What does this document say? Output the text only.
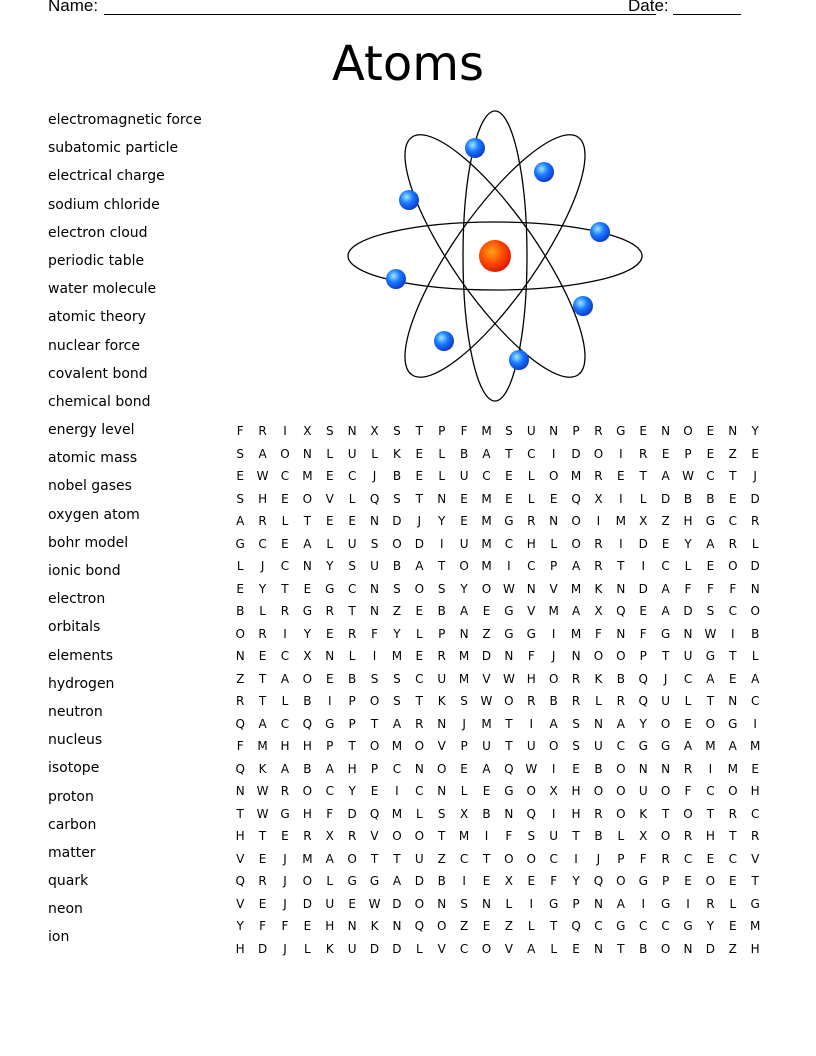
Name:	Date:
Atoms
electromagnetic force
subatomic particle
electrical charge
sodium chloride
electron cloud
periodic table
water molecule
atomic theory
nuclear force
covalent bond
chemical bond
energy level
atomic mass
nobel gases
oxygen atom
bohr model
ionic bond
electron
orbitals
elements
hydrogen
neutron
nucleus
isotope
proton
carbon
matter
quark
neon
ion
F R I X S N X S T P F M S U N P R G E N O E N Y
S A O N L U L K E L B A T C I D O I R E P E Z E
E W C M E C J B E L U C E L O M R E T A W C T J
S H E O V L Q S T N E M E L E Q X I L D B B E D
A R L T E E N D J Y E M G R N O I M X Z H G C R
G C E A L U S O D I U M C H L O R I D E Y A R L
L J C N Y S U B A T O M I C P A R T I C L E O D
E Y T E G C N S O S Y O W N V M K N D A F F F N
B L R G R T N Z E B A E G V M A X Q E A D S C O
O R I Y E R F Y L P N Z G G I M F N F G N W I B
N E C X N L I M E R M D N F J N O O P T U G T L
Z T A O E B S S C U M V W H O R K B Q J C A E A
R T L B I P O S T K S W O R B R L R Q U L T N C
Q A C Q G P T A R N J M T I A S N A Y O E O G I
F M H H P T O M O V P U T U O S U C G G A M A M
Q K A B A H P C N O E A Q W I E B O N N R I M E
N W R O C Y E I C N L E G O X H O O U O F C O H
T W G H F D Q M L S X B N Q I H R O K T O T R C
H T E R X R V O O T M I F S U T B L X O R H T R
V E J M A O T T U Z C T O O C I J P F R C E C V
Q R J O L G G A D B I E X E F Y Q O G P E O E T
V E J D U E W D O N S N L I G P N A I G I R L G
Y F F E H N K N Q O Z E Z L T Q C G C C G Y E M
H D J L K U D D L V C O V A L E N T B O N D Z H
